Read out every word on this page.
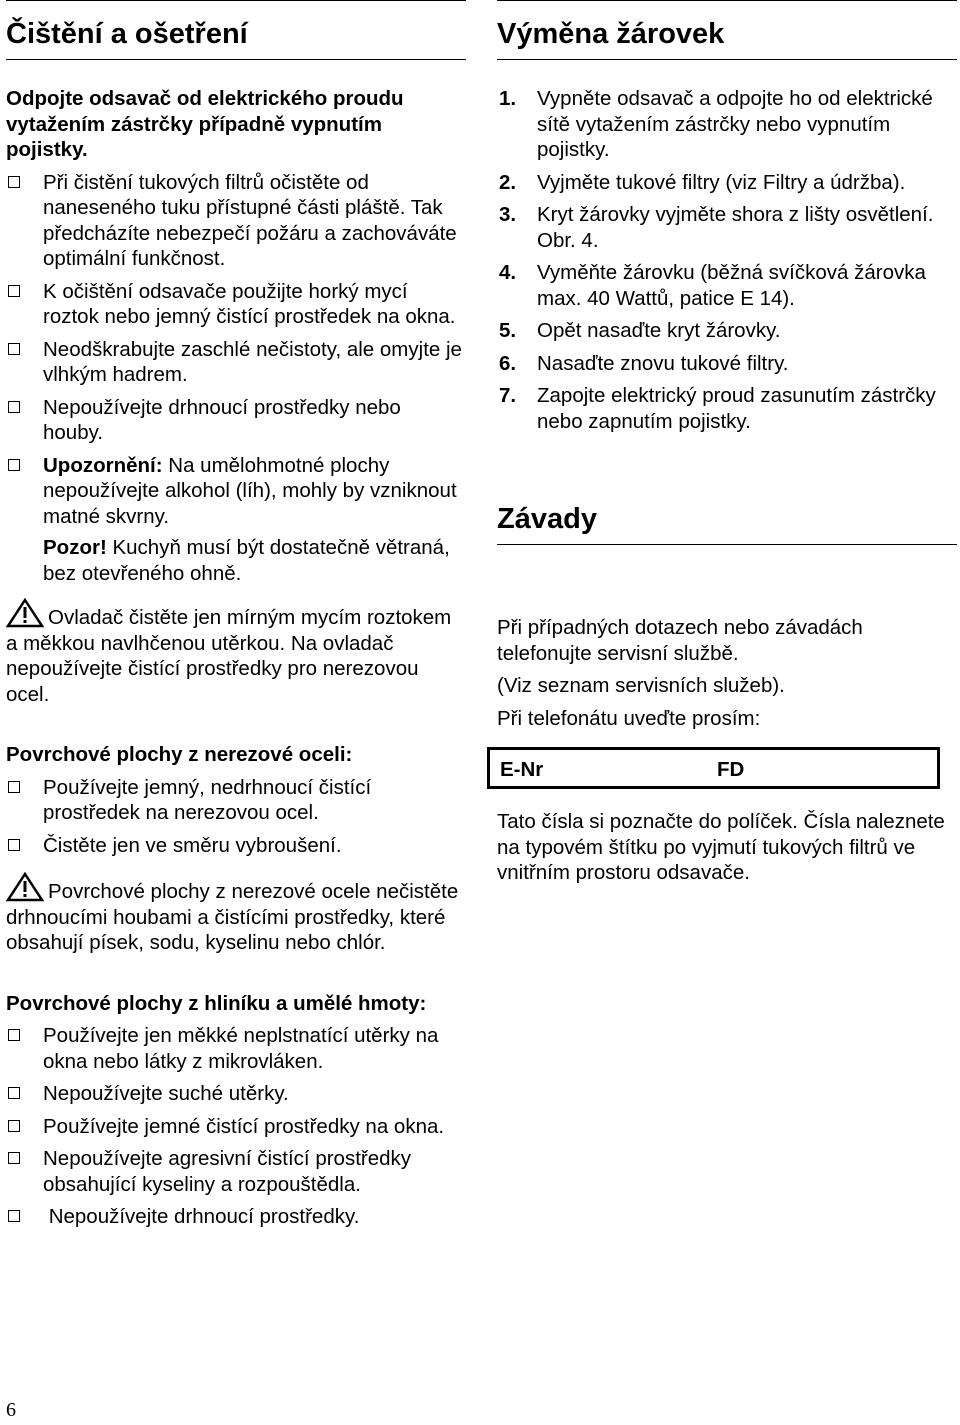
Čištění a ošetření

Odpojte odsavač od elektrického proudu vytažením zástrčky případně vypnutím pojistky.

Při čistění tukových filtrů očistěte od naneseného tuku přístupné části pláště. Tak předcházíte nebezpečí požáru a zachováváte optimální funkčnost.
K očištění odsavače použijte horký mycí roztok nebo jemný čistící prostředek na okna.
Neodškrabujte zaschlé nečistoty, ale omyjte je vlhkým hadrem.
Nepoužívejte drhnoucí prostředky nebo houby.
Upozornění: Na umělohmotné plochy nepoužívejte alkohol (líh), mohly by vzniknout matné skvrny.

Pozor! Kuchyň musí být dostatečně větraná, bez otevřeného ohně.

Ovladač čistěte jen mírným mycím roztokem a měkkou navlhčenou utěrkou. Na ovladač nepoužívejte čistící prostředky pro nerezovou ocel.

Povrchové plochy z nerezové oceli:

Používejte jemný, nedrhnoucí čistící prostředek na nerezovou ocel.
Čistěte jen ve směru vybroušení.

Povrchové plochy z nerezové ocele nečistěte drhnoucími houbami a čistícími prostředky, které obsahují písek, sodu, kyselinu nebo chlór.

Povrchové plochy z hliníku a umělé hmoty:

Používejte jen měkké neplstnatící utěrky na okna nebo látky z mikrovláken.
Nepoužívejte suché utěrky.
Používejte jemné čistící prostředky na okna.
Nepoužívejte agresivní čistící prostředky obsahující kyseliny a rozpouštědla.
Nepoužívejte drhnoucí prostředky.
Výměna žárovek
1. Vypněte odsavač a odpojte ho od elektrické sítě vytažením zástrčky nebo vypnutím pojistky.
2. Vyjměte tukové filtry (viz Filtry a údržba).
3. Kryt žárovky vyjměte shora z lišty osvětlení. Obr. 4.
4. Vyměňte žárovku (běžná svíčková žárovka max. 40 Wattů, patice E 14).
5. Opět nasaďte kryt žárovky.
6. Nasaďte znovu tukové filtry.
7. Zapojte elektrický proud zasunutím zástrčky nebo zapnutím pojistky.
Závady

Při případných dotazech nebo závadách telefonujte servisní službě.

(Viz seznam servisních služeb).

Při telefonátu uveďte prosím:

E-Nr	FD

Tato čísla si poznačte do políček. Čísla naleznete na typovém štítku po vyjmutí tukových filtrů ve vnitřním prostoru odsavače.

6
